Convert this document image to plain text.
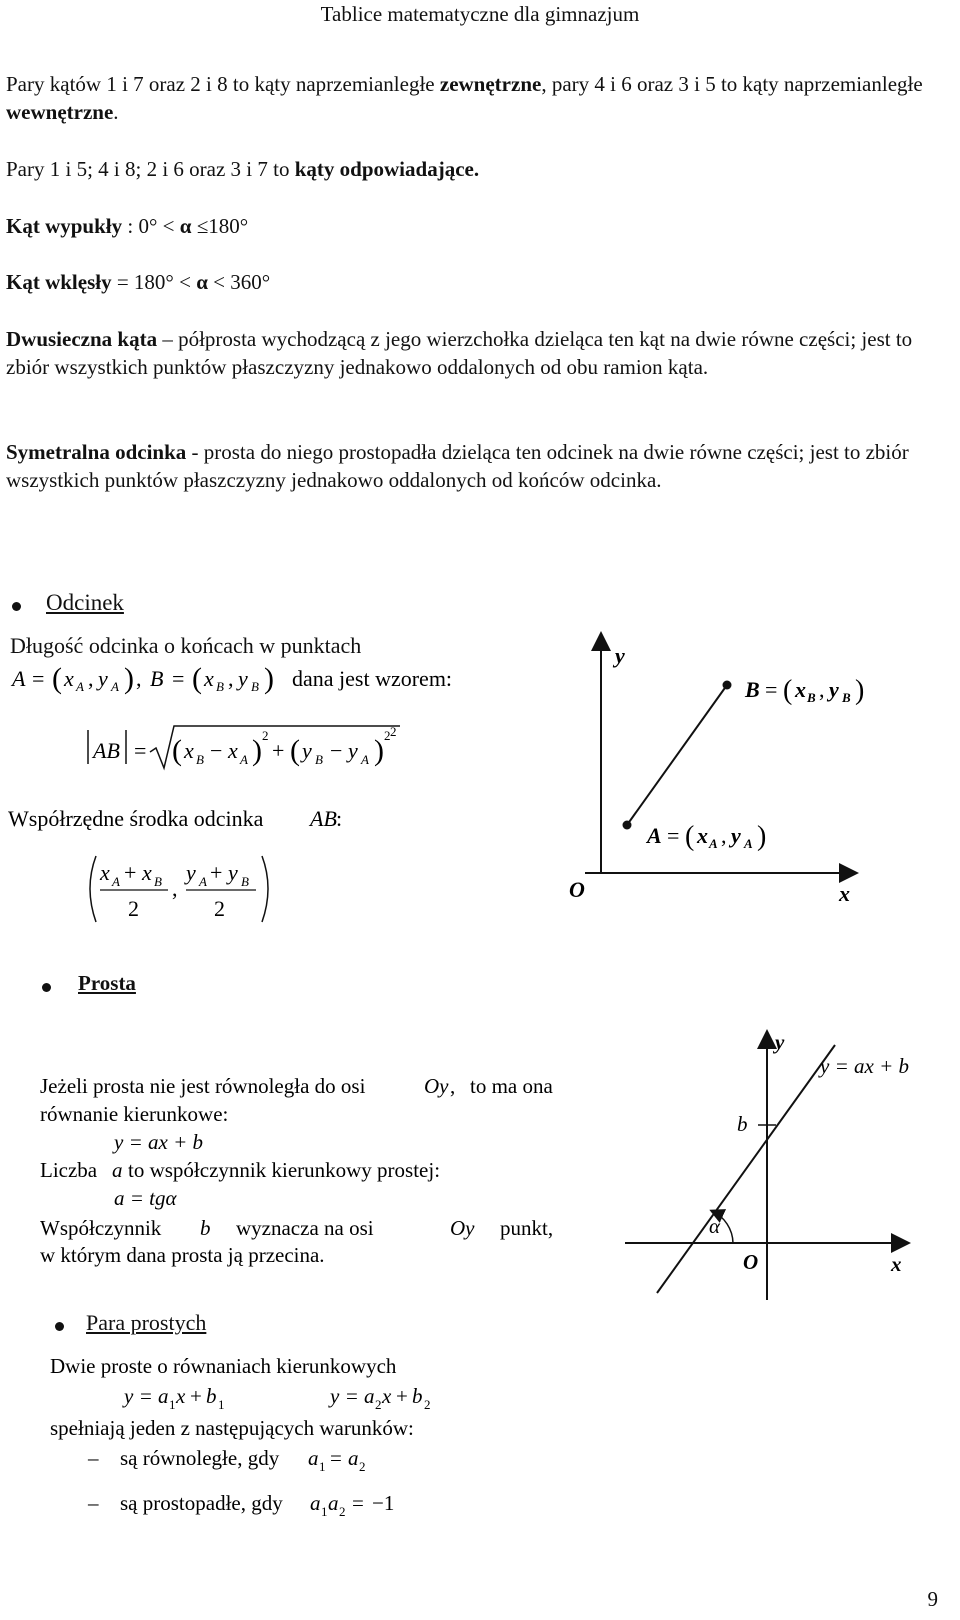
Tablice matematyczne dla gimnazjum

Pary kątów 1 i 7 oraz 2 i 8 to kąty naprzemianległe zewnętrzne, pary 4 i 6 oraz 3 i 5 to kąty naprzemianległe wewnętrzne.

Pary 1 i 5; 4 i 8; 2 i 6 oraz 3 i 7 to kąty odpowiadające.

Kąt wypukły : 0° < α ≤180°

Kąt wklęsły = 180° < α < 360°

Dwusieczna kąta – półprosta wychodzącą z jego wierzchołka dzieląca ten kąt na dwie równe części; jest to zbiór wszystkich punktów płaszczyzny jednakowo oddalonych od obu ramion kąta.

Symetralna odcinka - prosta do niego prostopadła dzieląca ten odcinek na dwie równe części; jest to zbiór wszystkich punktów płaszczyzny jednakowo oddalonych od końców odcinka.

Odcinek
Długość odcinka o końcach w punktach
A = ( x A , y A ) , B = ( x B , y B ) dana jest wzorem:
AB = ( x B − x A ) 2
+ ( y B − y A ) 2 2
Współrzędne środka odcinka AB :
x A + x B
2
,
y A + y B
2
y
x
O
B = ( x B , y B )
A = ( x A , y A )
Prosta
Jeżeli prosta nie jest równoległa do osi	Oy , to ma ona
równanie kierunkowe:
y = ax + b
Liczba a to współczynnik kierunkowy prostej:
a = tgα
Współczynnik b wyznacza na osi	Oy punkt,
w którym dana prosta ją przecina.
y
x
O
b
y = ax + b
α
Para prostych
Dwie proste o równaniach kierunkowych
y = a 1 x + b 1	y = a 2 x + b 2
spełniają jeden z następujących warunków:
– są równoległe, gdy a 1 = a 2
– są prostopadłe, gdy a 1 a 2 = −1
9
